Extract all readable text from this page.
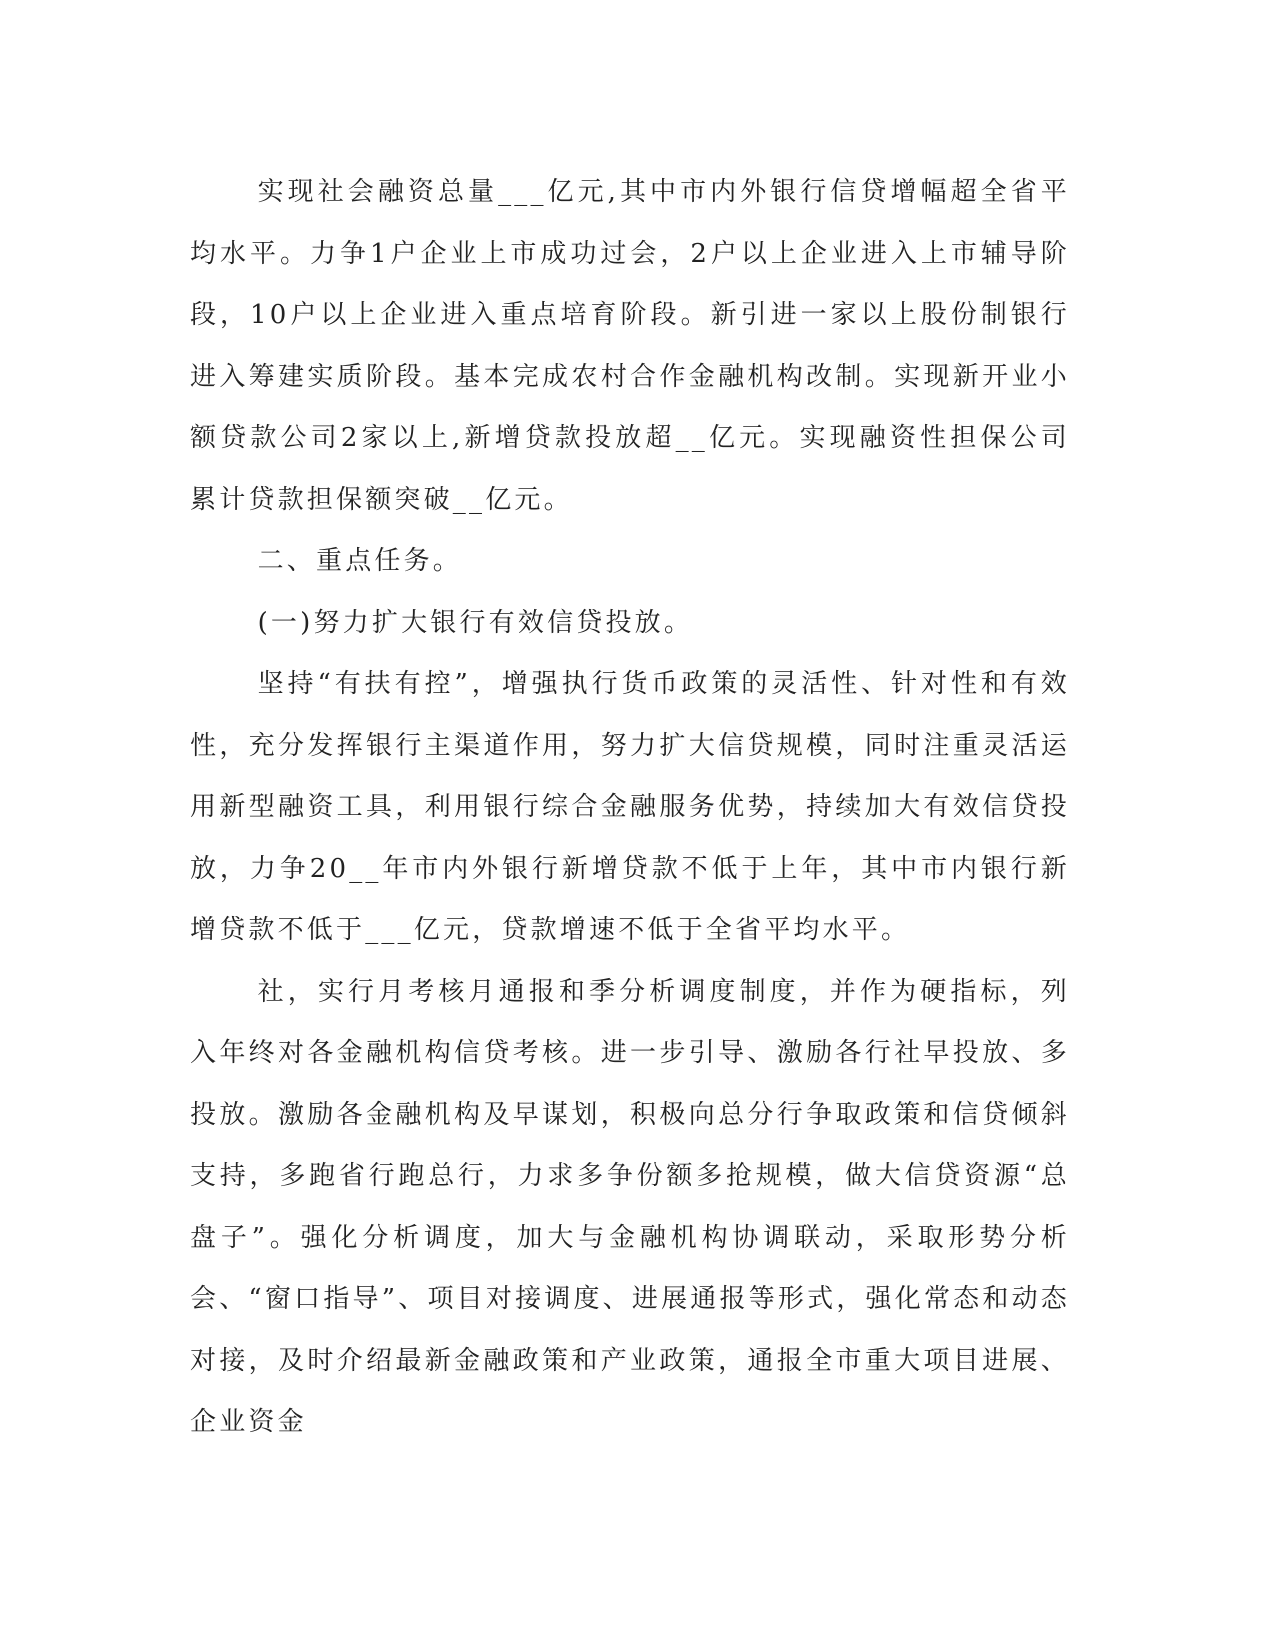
实现社会融资总量___亿元,其中市内外银行信贷增幅超全省平均水平。力争1户企业上市成功过会，2户以上企业进入上市辅导阶段，10户以上企业进入重点培育阶段。新引进一家以上股份制银行进入筹建实质阶段。基本完成农村合作金融机构改制。实现新开业小额贷款公司2家以上,新增贷款投放超__亿元。实现融资性担保公司累计贷款担保额突破__亿元。

二、重点任务。

(一)努力扩大银行有效信贷投放。

坚持“有扶有控”，增强执行货币政策的灵活性、针对性和有效性，充分发挥银行主渠道作用，努力扩大信贷规模，同时注重灵活运用新型融资工具，利用银行综合金融服务优势，持续加大有效信贷投放，力争20__年市内外银行新增贷款不低于上年，其中市内银行新增贷款不低于___亿元，贷款增速不低于全省平均水平。

社，实行月考核月通报和季分析调度制度，并作为硬指标，列入年终对各金融机构信贷考核。进一步引导、激励各行社早投放、多投放。激励各金融机构及早谋划，积极向总分行争取政策和信贷倾斜支持，多跑省行跑总行，力求多争份额多抢规模，做大信贷资源“总盘子”。强化分析调度，加大与金融机构协调联动，采取形势分析会、“窗口指导”、项目对接调度、进展通报等形式，强化常态和动态对接，及时介绍最新金融政策和产业政策，通报全市重大项目进展、企业资金
